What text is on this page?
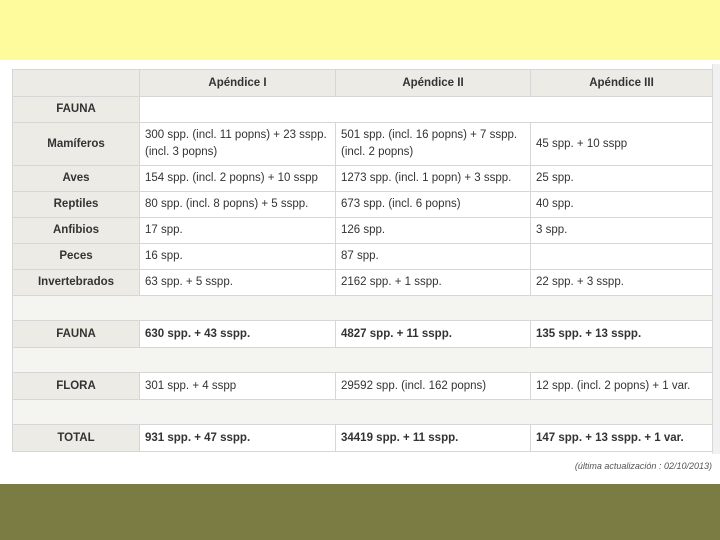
	Apéndice I	Apéndice II	Apéndice III
FAUNA			
Mamíferos	300 spp. (incl. 11 popns) + 23 sspp. (incl. 3 popns)	501 spp. (incl. 16 popns) + 7 sspp. (incl. 2 popns)	45 spp. + 10 sspp
Aves	154 spp. (incl. 2 popns) + 10 sspp	1273 spp. (incl. 1 popn) + 3 sspp.	25 spp.
Reptiles	80 spp. (incl. 8 popns) + 5 sspp.	673 spp. (incl. 6 popns)	40 spp.
Anfibios	17 spp.	126 spp.	3 spp.
Peces	16 spp.	87 spp.	
Invertebrados	63 spp. + 5 sspp.	2162 spp. + 1 sspp.	22 spp. + 3 sspp.

FAUNA	630 spp. + 43 sspp.	4827 spp. + 11 sspp.	135 spp. + 13 sspp.

FLORA	301 spp. + 4 sspp	29592 spp. (incl. 162 popns)	12 spp. (incl. 2 popns) + 1 var.

TOTAL	931 spp. + 47 sspp.	34419 spp. + 11 sspp.	147 spp. + 13 sspp. + 1 var.
(última actualización : 02/10/2013)
